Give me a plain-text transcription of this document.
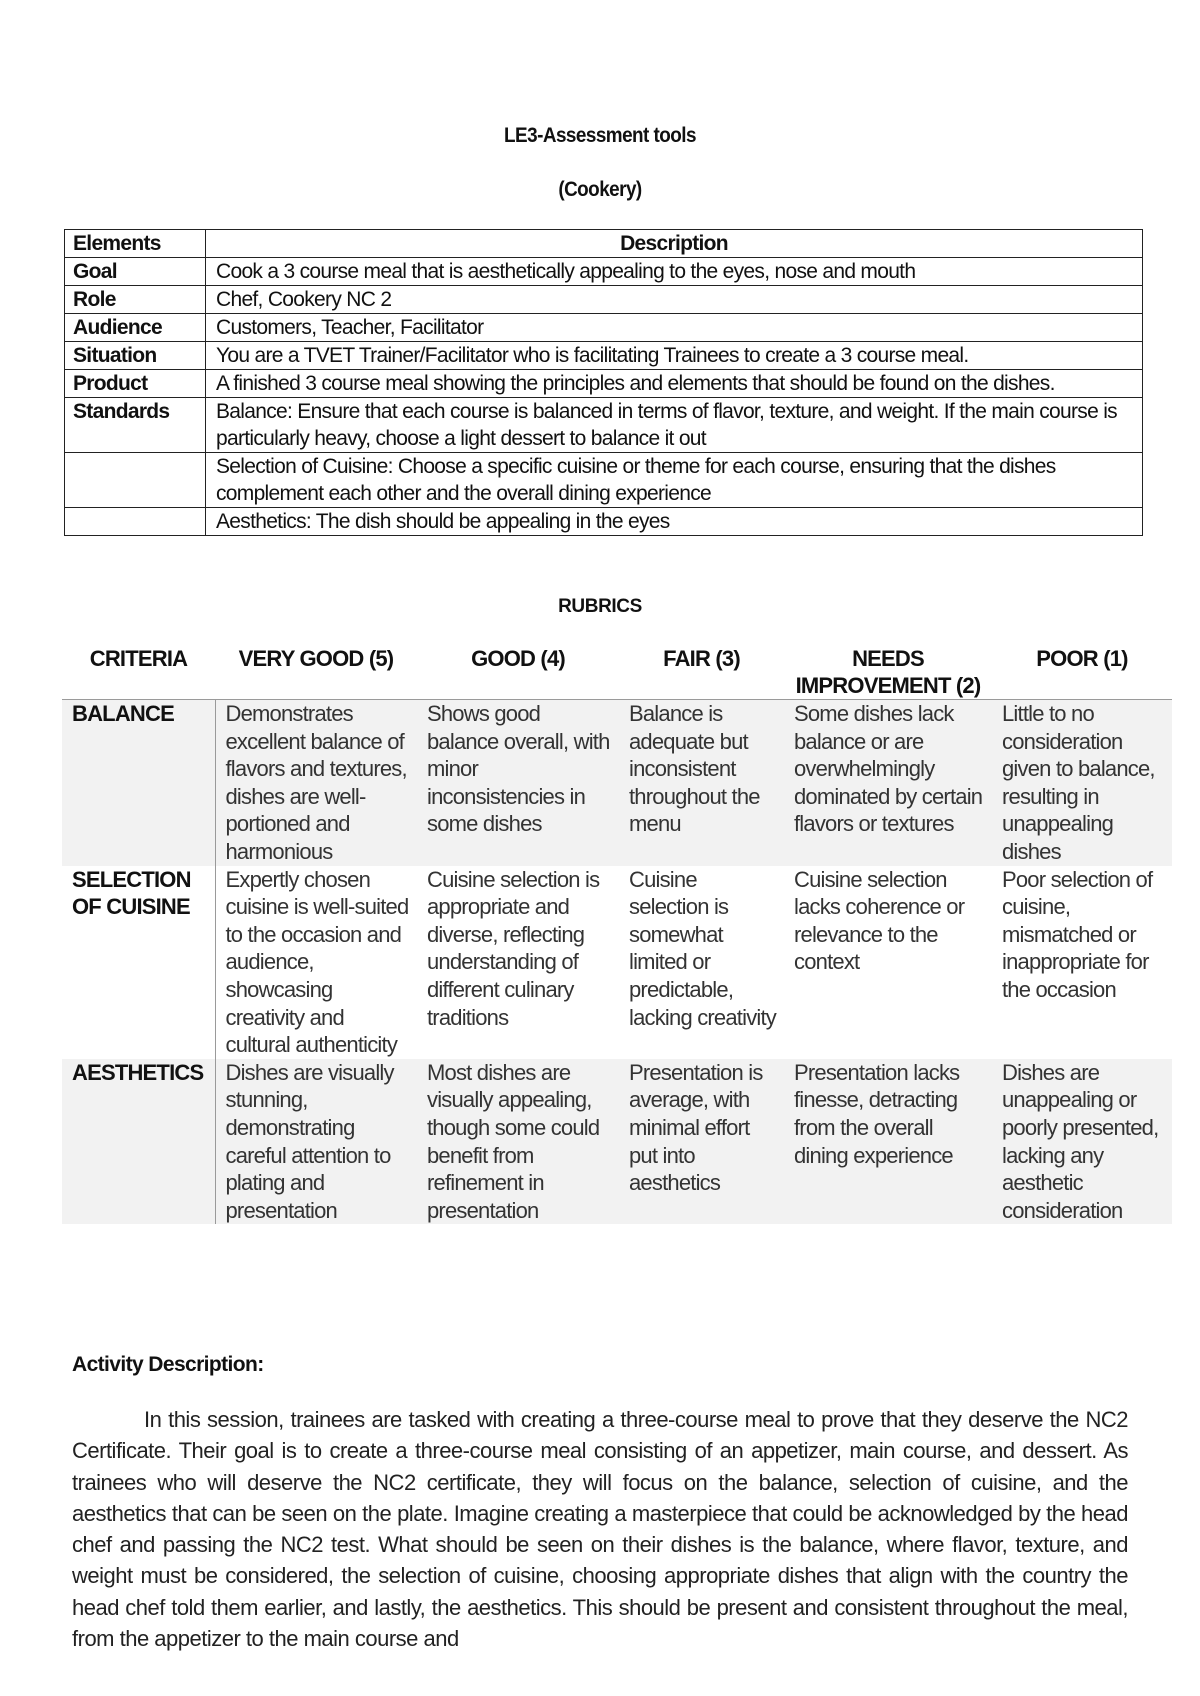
LE3-Assessment tools
(Cookery)
Elements	Description
Goal	Cook a 3 course meal that is aesthetically appealing to the eyes, nose and mouth
Role	Chef, Cookery NC 2
Audience	Customers, Teacher, Facilitator
Situation	You are a TVET Trainer/Facilitator who is facilitating Trainees to create a 3 course meal.
Product	A finished 3 course meal showing the principles and elements that should be found on the dishes.
Standards	Balance: Ensure that each course is balanced in terms of flavor, texture, and weight. If the main course is particularly heavy, choose a light dessert to balance it out
	Selection of Cuisine: Choose a specific cuisine or theme for each course, ensuring that the dishes complement each other and the overall dining experience
	Aesthetics: The dish should be appealing in the eyes
RUBRICS
CRITERIA	VERY GOOD (5)	GOOD (4)	FAIR (3)	NEEDS IMPROVEMENT (2)	POOR (1)
BALANCE	Demonstrates excellent balance of flavors and textures, dishes are well-portioned and harmonious	Shows good balance overall, with minor inconsistencies in some dishes	Balance is adequate but inconsistent throughout the menu	Some dishes lack balance or are overwhelmingly dominated by certain flavors or textures	Little to no consideration given to balance, resulting in unappealing dishes
SELECTION OF CUISINE	Expertly chosen cuisine is well-suited to the occasion and audience, showcasing creativity and cultural authenticity	Cuisine selection is appropriate and diverse, reflecting understanding of different culinary traditions	Cuisine selection is somewhat limited or predictable, lacking creativity	Cuisine selection lacks coherence or relevance to the context	Poor selection of cuisine, mismatched or inappropriate for the occasion
AESTHETICS	Dishes are visually stunning, demonstrating careful attention to plating and presentation	Most dishes are visually appealing, though some could benefit from refinement in presentation	Presentation is average, with minimal effort put into aesthetics	Presentation lacks finesse, detracting from the overall dining experience	Dishes are unappealing or poorly presented, lacking any aesthetic consideration
Activity Description:

In this session, trainees are tasked with creating a three-course meal to prove that they deserve the NC2 Certificate. Their goal is to create a three-course meal consisting of an appetizer, main course, and dessert. As trainees who will deserve the NC2 certificate, they will focus on the balance, selection of cuisine, and the aesthetics that can be seen on the plate. Imagine creating a masterpiece that could be acknowledged by the head chef and passing the NC2 test. What should be seen on their dishes is the balance, where flavor, texture, and weight must be considered, the selection of cuisine, choosing appropriate dishes that align with the country the head chef told them earlier, and lastly, the aesthetics. This should be present and consistent throughout the meal, from the appetizer to the main course and
